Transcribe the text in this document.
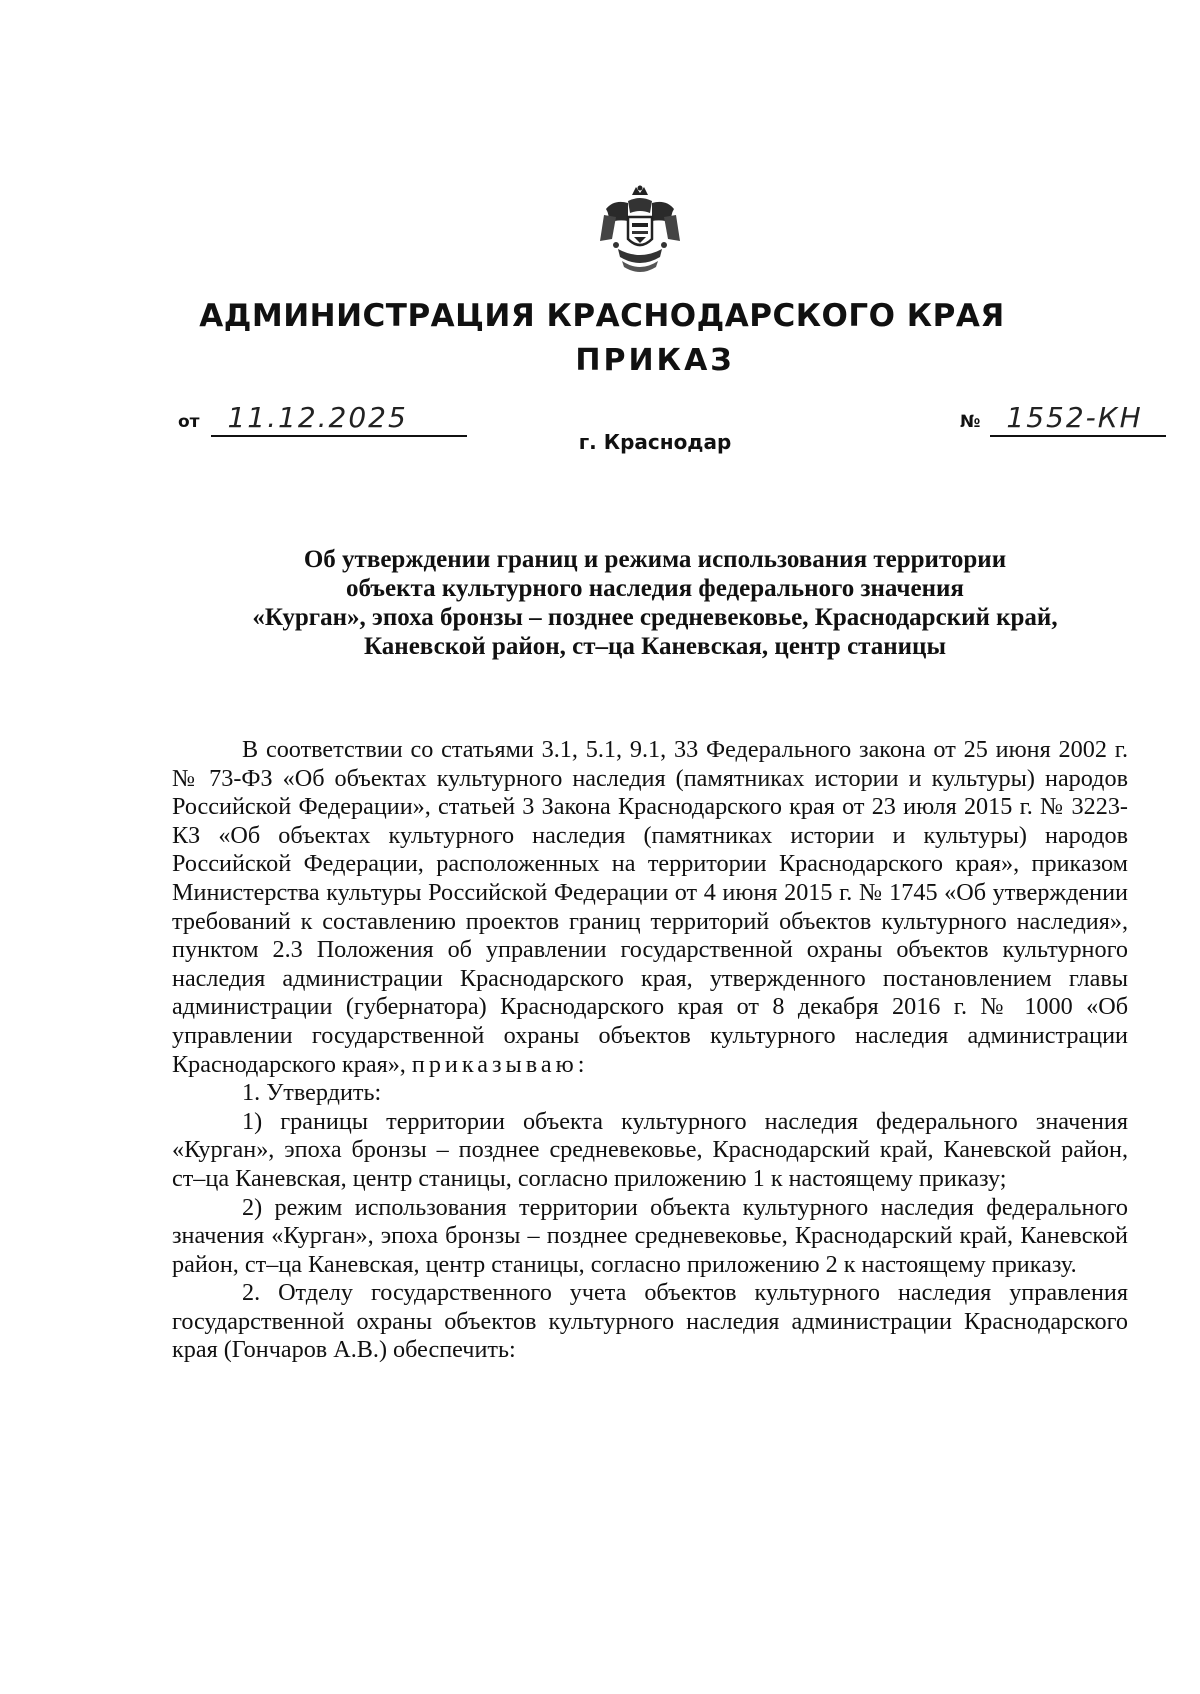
АДМИНИСТРАЦИЯ КРАСНОДАРСКОГО КРАЯ
ПРИКАЗ
от 11.12.2025	№ 1552-КН
г. Краснодар
Об утверждении границ и режима использования территории
объекта культурного наследия федерального значения
«Курган», эпоха бронзы – позднее средневековье, Краснодарский край,
Каневской район, ст–ца Каневская, центр станицы

В соответствии со статьями 3.1, 5.1, 9.1, 33 Федерального закона от 25 июня 2002 г. № 73-ФЗ «Об объектах культурного наследия (памятниках истории и культуры) народов Российской Федерации», статьей 3 Закона Краснодарского края от 23 июля 2015 г. № 3223-КЗ «Об объектах культурного наследия (памятниках истории и культуры) народов Российской Федерации, расположенных на территории Краснодарского края», приказом Министерства культуры Российской Федерации от 4 июня 2015 г. № 1745 «Об утверждении требований к составлению проектов границ территорий объектов культурного наследия», пунктом 2.3 Положения об управлении государственной охраны объектов культурного наследия администрации Краснодарского края, утвержденного постановлением главы администрации (губернатора) Краснодарского края от 8 декабря 2016 г. № 1000 «Об управлении государственной охраны объектов культурного наследия администрации Краснодарского края», приказываю:

1. Утвердить:

1) границы территории объекта культурного наследия федерального значения «Курган», эпоха бронзы – позднее средневековье, Краснодарский край, Каневской район, ст–ца Каневская, центр станицы, согласно приложению 1 к настоящему приказу;

2) режим использования территории объекта культурного наследия федерального значения «Курган», эпоха бронзы – позднее средневековье, Краснодарский край, Каневской район, ст–ца Каневская, центр станицы, согласно приложению 2 к настоящему приказу.

2. Отделу государственного учета объектов культурного наследия управления государственной охраны объектов культурного наследия администрации Краснодарского края (Гончаров А.В.) обеспечить:
